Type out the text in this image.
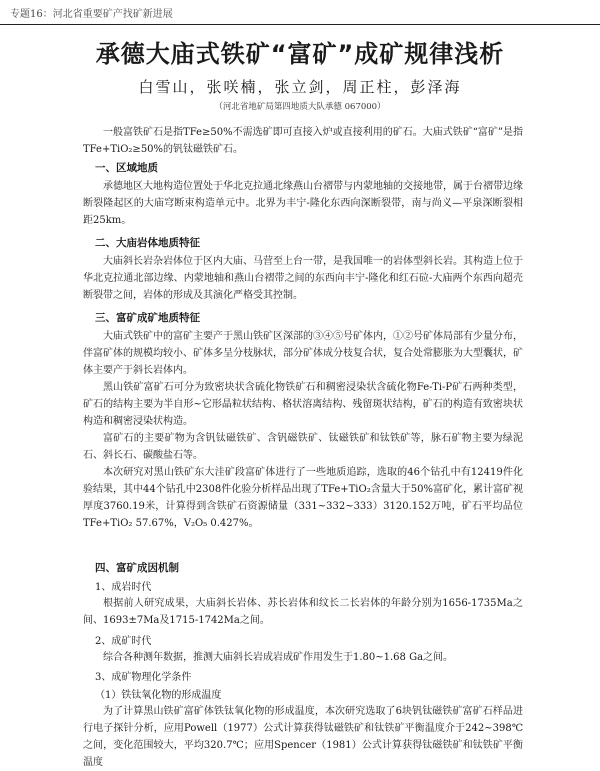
专题16：河北省重要矿产找矿新进展
承德大庙式铁矿“富矿”成矿规律浅析
白雪山，张咲楠，张立剑，周正柱，彭泽海
（河北省地矿局第四地质大队承德 067000）

一般富铁矿石是指TFe≥50%不需选矿即可直接入炉或直接利用的矿石。大庙式铁矿“富矿”是指TFe+TiO₂≥50%的钒钛磁铁矿石。

一、区域地质

承德地区大地构造位置处于华北克拉通北缘燕山台褶带与内蒙地轴的交接地带，属于台褶带边缘断裂隆起区的大庙穹断束构造单元中。北界为丰宁-隆化东西向深断裂带，南与尚义—平泉深断裂相距25km。

二、大庙岩体地质特征

大庙斜长岩杂岩体位于区内大庙、马营至上台一带，是我国唯一的岩体型斜长岩。其构造上位于华北克拉通北部边缘、内蒙地轴和燕山台褶带之间的东西向丰宁-隆化和红石砬-大庙两个东西向超壳断裂带之间，岩体的形成及其演化严格受其控制。

三、富矿成矿地质特征

大庙式铁矿中的富矿主要产于黑山铁矿区深部的③④⑤号矿体内，①②号矿体局部有少量分布，伴富矿体的规模均较小、矿体多呈分枝脉状，部分矿体成分枝复合状，复合处常膨胀为大型囊状，矿体主要产于斜长岩体内。

黑山铁矿富矿石可分为致密块状含硫化物铁矿石和稠密浸染状含硫化物Fe-Ti-P矿石两种类型，矿石的结构主要为半自形~它形晶粒状结构、格状溶离结构、残留斑状结构，矿石的构造有致密块状构造和稠密浸染状构造。

富矿石的主要矿物为含钒钛磁铁矿、含钒磁铁矿、钛磁铁矿和钛铁矿等，脉石矿物主要为绿泥石、斜长石、碳酸盐石等。

本次研究对黑山铁矿东大洼矿段富矿体进行了一些地质追踪，选取的46个钻孔中有12419件化验结果，其中44个钻孔中2308件化验分析样品出现了TFe+TiO₂含量大于50%富矿化，累计富矿视厚度3760.19米，计算得到含铁矿石资源储量（331~332~333）3120.152万吨，矿石平均品位TFe+TiO₂ 57.67%，V₂O₅ 0.427%。

四、富矿成因机制

1、成岩时代

根据前人研究成果，大庙斜长岩体、苏长岩体和纹长二长岩体的年龄分别为1656-1735Ma之间、1693±7Ma及1715-1742Ma之间。

2、成矿时代

综合各种测年数据，推测大庙斜长岩成岩成矿作用发生于1.80~1.68 Ga之间。

3、成矿物理化学条件

（1）铁钛氧化物的形成温度

为了计算黑山铁矿富矿体铁钛氧化物的形成温度，本次研究选取了6块钒钛磁铁矿富矿石样品进行电子探针分析，应用Powell（1977）公式计算获得钛磁铁矿和钛铁矿平衡温度介于242~398℃之间，变化范围较大，平均320.7℃；应用Spencer（1981）公式计算获得钛磁铁矿和钛铁矿平衡温度
